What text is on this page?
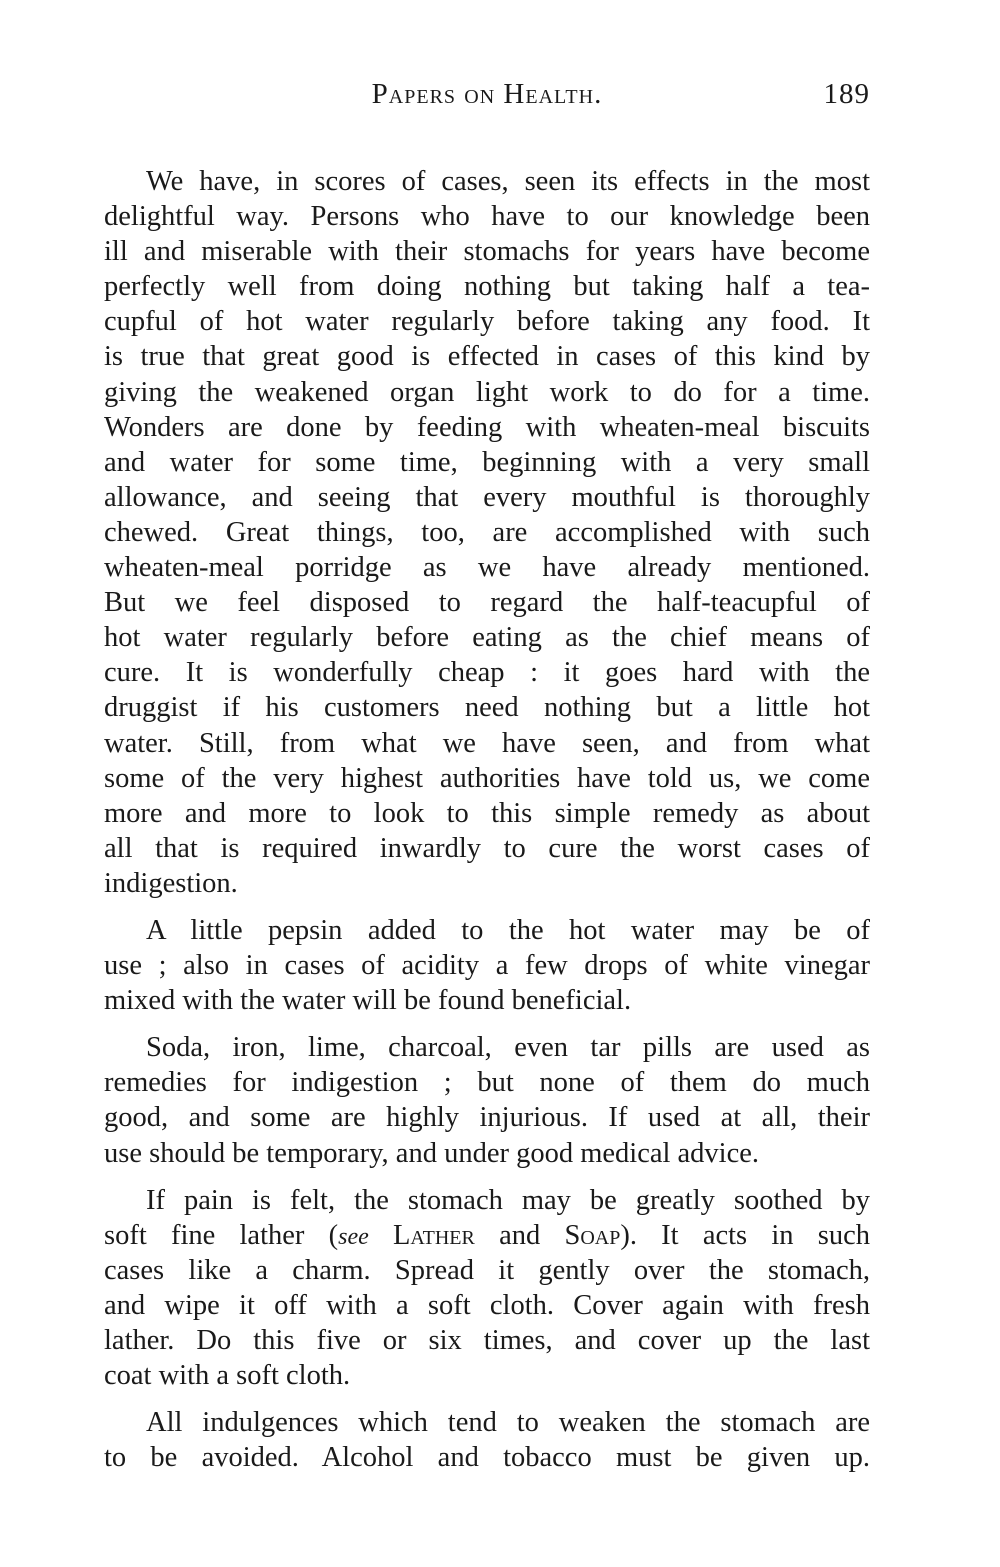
Papers on Health.	189
We have, in scores of cases, seen its effects in the most
delightful way. Persons who have to our knowledge been
ill and miserable with their stomachs for years have become
perfectly well from doing nothing but taking half a tea-
cupful of hot water regularly before taking any food. It
is true that great good is effected in cases of this kind by
giving the weakened organ light work to do for a time.
Wonders are done by feeding with wheaten-meal biscuits
and water for some time, beginning with a very small
allowance, and seeing that every mouthful is thoroughly
chewed. Great things, too, are accomplished with such
wheaten-meal porridge as we have already mentioned.
But we feel disposed to regard the half-teacupful of
hot water regularly before eating as the chief means of
cure. It is wonderfully cheap : it goes hard with the
druggist if his customers need nothing but a little hot
water. Still, from what we have seen, and from what
some of the very highest authorities have told us, we come
more and more to look to this simple remedy as about
all that is required inwardly to cure the worst cases of
indigestion.
A little pepsin added to the hot water may be of
use ; also in cases of acidity a few drops of white vinegar
mixed with the water will be found beneficial.
Soda, iron, lime, charcoal, even tar pills are used as
remedies for indigestion ; but none of them do much
good, and some are highly injurious. If used at all, their
use should be temporary, and under good medical advice.
If pain is felt, the stomach may be greatly soothed by
soft fine lather (see Lather and Soap). It acts in such
cases like a charm. Spread it gently over the stomach,
and wipe it off with a soft cloth. Cover again with fresh
lather. Do this five or six times, and cover up the last
coat with a soft cloth.
All indulgences which tend to weaken the stomach are
to be avoided. Alcohol and tobacco must be given up.
